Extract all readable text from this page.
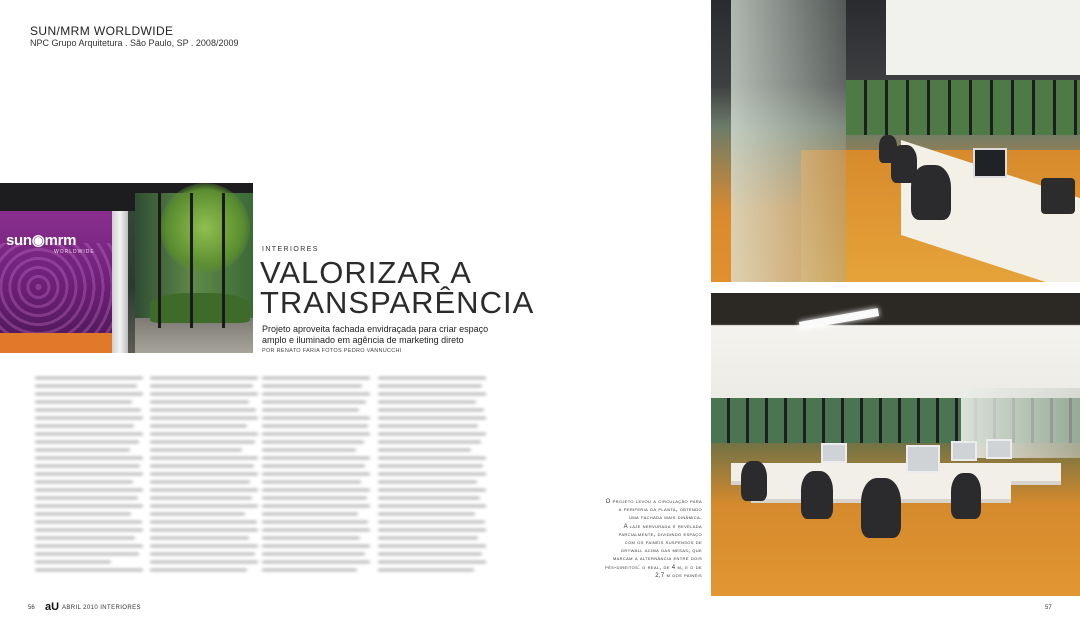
SUN/MRM WORLDWIDE
NPC Grupo Arquitetura . São Paulo, SP . 2008/2009
sun◉mrm
WORLDWIDE	INTERIORES
VALORIZAR A
TRANSPARÊNCIA
Projeto aproveita fachada envidraçada para criar espaço amplo e iluminado em agência de marketing direto
POR RENATO FARIA FOTOS PEDRO VANNUCCHI
O projeto levou a circulação para
a periferia da planta, obtendo
uma fachada mais dinâmica.
A laje nervurada é revelada
parcialmente, dividindo espaço
com os painéis suspensos de
drywall acima das mesas, que
marcam a alternância entre dois
pés-direitos: o real, de 4 m, e o de
2,7 m dos painéis
56 aU ABRIL 2010 INTERIORES	57
